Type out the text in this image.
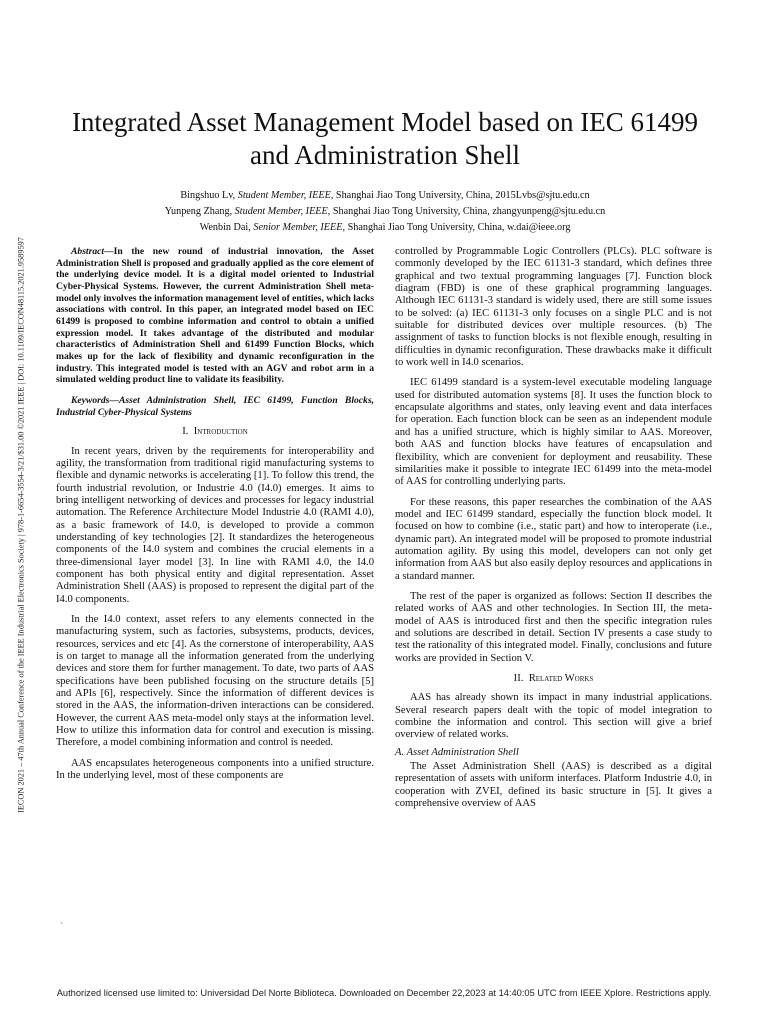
IECON 2021 – 47th Annual Conference of the IEEE Industrial Electronics Society | 978-1-6654-3554-3/21/$31.00 ©2021 IEEE | DOI: 10.1109/IECON48115.2021.9589597
Integrated Asset Management Model based on IEC 61499 and Administration Shell
Bingshuo Lv, Student Member, IEEE, Shanghai Jiao Tong University, China, 2015Lvbs@sjtu.edu.cn
Yunpeng Zhang, Student Member, IEEE, Shanghai Jiao Tong University, China, zhangyunpeng@sjtu.edu.cn
Wenbin Dai, Senior Member, IEEE, Shanghai Jiao Tong University, China, w.dai@ieee.org

Abstract—In the new round of industrial innovation, the Asset Administration Shell is proposed and gradually applied as the core element of the underlying device model. It is a digital model oriented to Industrial Cyber-Physical Systems. However, the current Administration Shell meta-model only involves the information management level of entities, which lacks associations with control. In this paper, an integrated model based on IEC 61499 is proposed to combine information and control to obtain a unified expression model. It takes advantage of the distributed and modular characteristics of Administration Shell and 61499 Function Blocks, which makes up for the lack of flexibility and dynamic reconfiguration in the industry. This integrated model is tested with an AGV and robot arm in a simulated welding product line to validate its feasibility.

Keywords—Asset Administration Shell, IEC 61499, Function Blocks, Industrial Cyber-Physical Systems

I. Introduction

In recent years, driven by the requirements for interoperability and agility, the transformation from traditional rigid manufacturing systems to flexible and dynamic networks is accelerating [1]. To follow this trend, the fourth industrial revolution, or Industrie 4.0 (I4.0) emerges. It aims to bring intelligent networking of devices and processes for legacy industrial automation. The Reference Architecture Model Industrie 4.0 (RAMI 4.0), as a basic framework of I4.0, is developed to provide a common understanding of key technologies [2]. It standardizes the heterogeneous components of the I4.0 system and combines the crucial elements in a three-dimensional layer model [3]. In line with RAMI 4.0, the I4.0 component has both physical entity and digital representation. Asset Administration Shell (AAS) is proposed to represent the digital part of the I4.0 components.

In the I4.0 context, asset refers to any elements connected in the manufacturing system, such as factories, subsystems, products, devices, resources, services and etc [4]. As the cornerstone of interoperability, AAS is on target to manage all the information generated from the underlying devices and store them for further management. To date, two parts of AAS specifications have been published focusing on the structure details [5] and APIs [6], respectively. Since the information of different devices is stored in the AAS, the information-driven interactions can be considered. However, the current AAS meta-model only stays at the information level. How to utilize this information data for control and execution is missing. Therefore, a model combining information and control is needed.

AAS encapsulates heterogeneous components into a unified structure. In the underlying level, most of these components are

controlled by Programmable Logic Controllers (PLCs). PLC software is commonly developed by the IEC 61131-3 standard, which defines three graphical and two textual programming languages [7]. Function block diagram (FBD) is one of these graphical programming languages. Although IEC 61131-3 standard is widely used, there are still some issues to be solved: (a) IEC 61131-3 only focuses on a single PLC and is not suitable for distributed devices over multiple resources. (b) The assignment of tasks to function blocks is not flexible enough, resulting in difficulties in dynamic reconfiguration. These drawbacks make it difficult to work well in I4.0 scenarios.

IEC 61499 standard is a system-level executable modeling language used for distributed automation systems [8]. It uses the function block to encapsulate algorithms and states, only leaving event and data interfaces for operation. Each function block can be seen as an independent module and has a unified structure, which is highly similar to AAS. Moreover, both AAS and function blocks have features of encapsulation and flexibility, which are convenient for deployment and reusability. These similarities make it possible to integrate IEC 61499 into the meta-model of AAS for controlling underlying parts.

For these reasons, this paper researches the combination of the AAS model and IEC 61499 standard, especially the function block model. It focused on how to combine (i.e., static part) and how to interoperate (i.e., dynamic part). An integrated model will be proposed to promote industrial automation agility. By using this model, developers can not only get information from AAS but also easily deploy resources and applications in a standard manner.

The rest of the paper is organized as follows: Section II describes the related works of AAS and other technologies. In Section III, the meta-model of AAS is introduced first and then the specific integration rules and solutions are described in detail. Section IV presents a case study to test the rationality of this integrated model. Finally, conclusions and future works are provided in Section V.

II. Related Works

AAS has already shown its impact in many industrial applications. Several research papers dealt with the topic of model integration to combine the information and control. This section will give a brief overview of related works.

A. Asset Administration Shell

The Asset Administration Shell (AAS) is described as a digital representation of assets with uniform interfaces. Platform Industrie 4.0, in cooperation with ZVEI, defined its basic structure in [5]. It gives a comprehensive overview of AAS

`
Authorized licensed use limited to: Universidad Del Norte Biblioteca. Downloaded on December 22,2023 at 14:40:05 UTC from IEEE Xplore. Restrictions apply.
